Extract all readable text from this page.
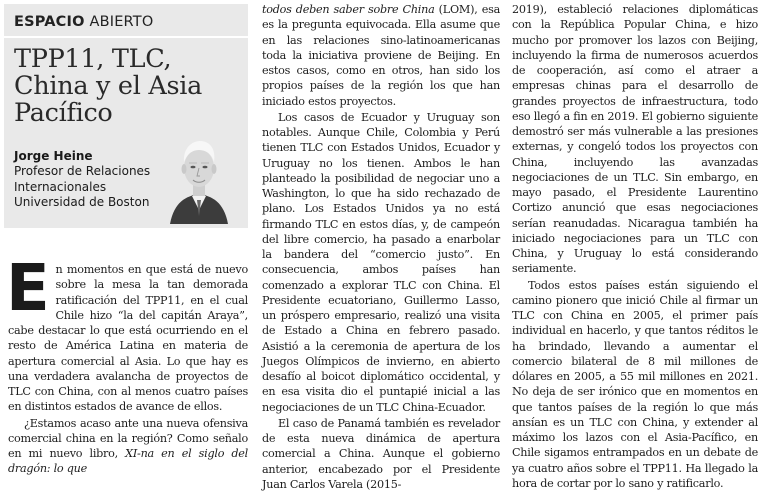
ESPACIO ABIERTO
TPP11, TLC, China y el Asia Pacífico
Jorge Heine
Profesor de Relaciones Internacionales Universidad de Boston
E n momentos en que está de nuevo sobre la mesa la tan demorada ratificación del TPP11, en el cual Chile hizo “la del capitán Araya”, cabe destacar lo que está ocurriendo en el resto de América Latina en materia de apertura comercial al Asia. Lo que hay es una verdadera avalancha de proyectos de TLC con China, con al menos cuatro países en distintos estados de avance de ellos.

¿Estamos acaso ante una nueva ofensiva comercial china en la región? Como señalo en mi nuevo libro, XI-na en el siglo del dragón: lo que

todos deben saber sobre China (LOM), esa es la pregunta equivocada. Ella asume que en las relaciones sino-latinoamericanas toda la iniciativa proviene de Beijing. En estos casos, como en otros, han sido los propios países de la región los que han iniciado estos proyectos.

Los casos de Ecuador y Uruguay son notables. Aunque Chile, Colombia y Perú tienen TLC con Estados Unidos, Ecuador y Uruguay no los tienen. Ambos le han planteado la posibilidad de negociar uno a Washington, lo que ha sido rechazado de plano. Los Estados Unidos ya no está firmando TLC en estos días, y, de campeón del libre comercio, ha pasado a enarbolar la bandera del “comercio justo”. En consecuencia, ambos países han comenzado a explorar TLC con China. El Presidente ecuatoriano, Guillermo Lasso, un próspero empresario, realizó una visita de Estado a China en febrero pasado. Asistió a la ceremonia de apertura de los Juegos Olímpicos de invierno, en abierto desafío al boicot diplomático occidental, y en esa visita dio el puntapié inicial a las negociaciones de un TLC China-Ecuador.

El caso de Panamá también es revelador de esta nueva dinámica de apertura comercial a China. Aunque el gobierno anterior, encabezado por el Presidente Juan Carlos Varela (2015-

2019), estableció relaciones diplomáticas con la República Popular China, e hizo mucho por promover los lazos con Beijing, incluyendo la firma de numerosos acuerdos de cooperación, así como el atraer a empresas chinas para el desarrollo de grandes proyectos de infraestructura, todo eso llegó a fin en 2019. El gobierno siguiente demostró ser más vulnerable a las presiones externas, y congeló todos los proyectos con China, incluyendo las avanzadas negociaciones de un TLC. Sin embargo, en mayo pasado, el Presidente Laurentino Cortizo anunció que esas negociaciones serían reanudadas. Nicaragua también ha iniciado negociaciones para un TLC con China, y Uruguay lo está considerando seriamente.

Todos estos países están siguiendo el camino pionero que inició Chile al firmar un TLC con China en 2005, el primer país individual en hacerlo, y que tantos réditos le ha brindado, llevando a aumentar el comercio bilateral de 8 mil millones de dólares en 2005, a 55 mil millones en 2021. No deja de ser irónico que en momentos en que tantos países de la región lo que más ansían es un TLC con China, y extender al máximo los lazos con el Asia-Pacífico, en Chile sigamos entrampados en un debate de ya cuatro años sobre el TPP11. Ha llegado la hora de cortar por lo sano y ratificarlo.
